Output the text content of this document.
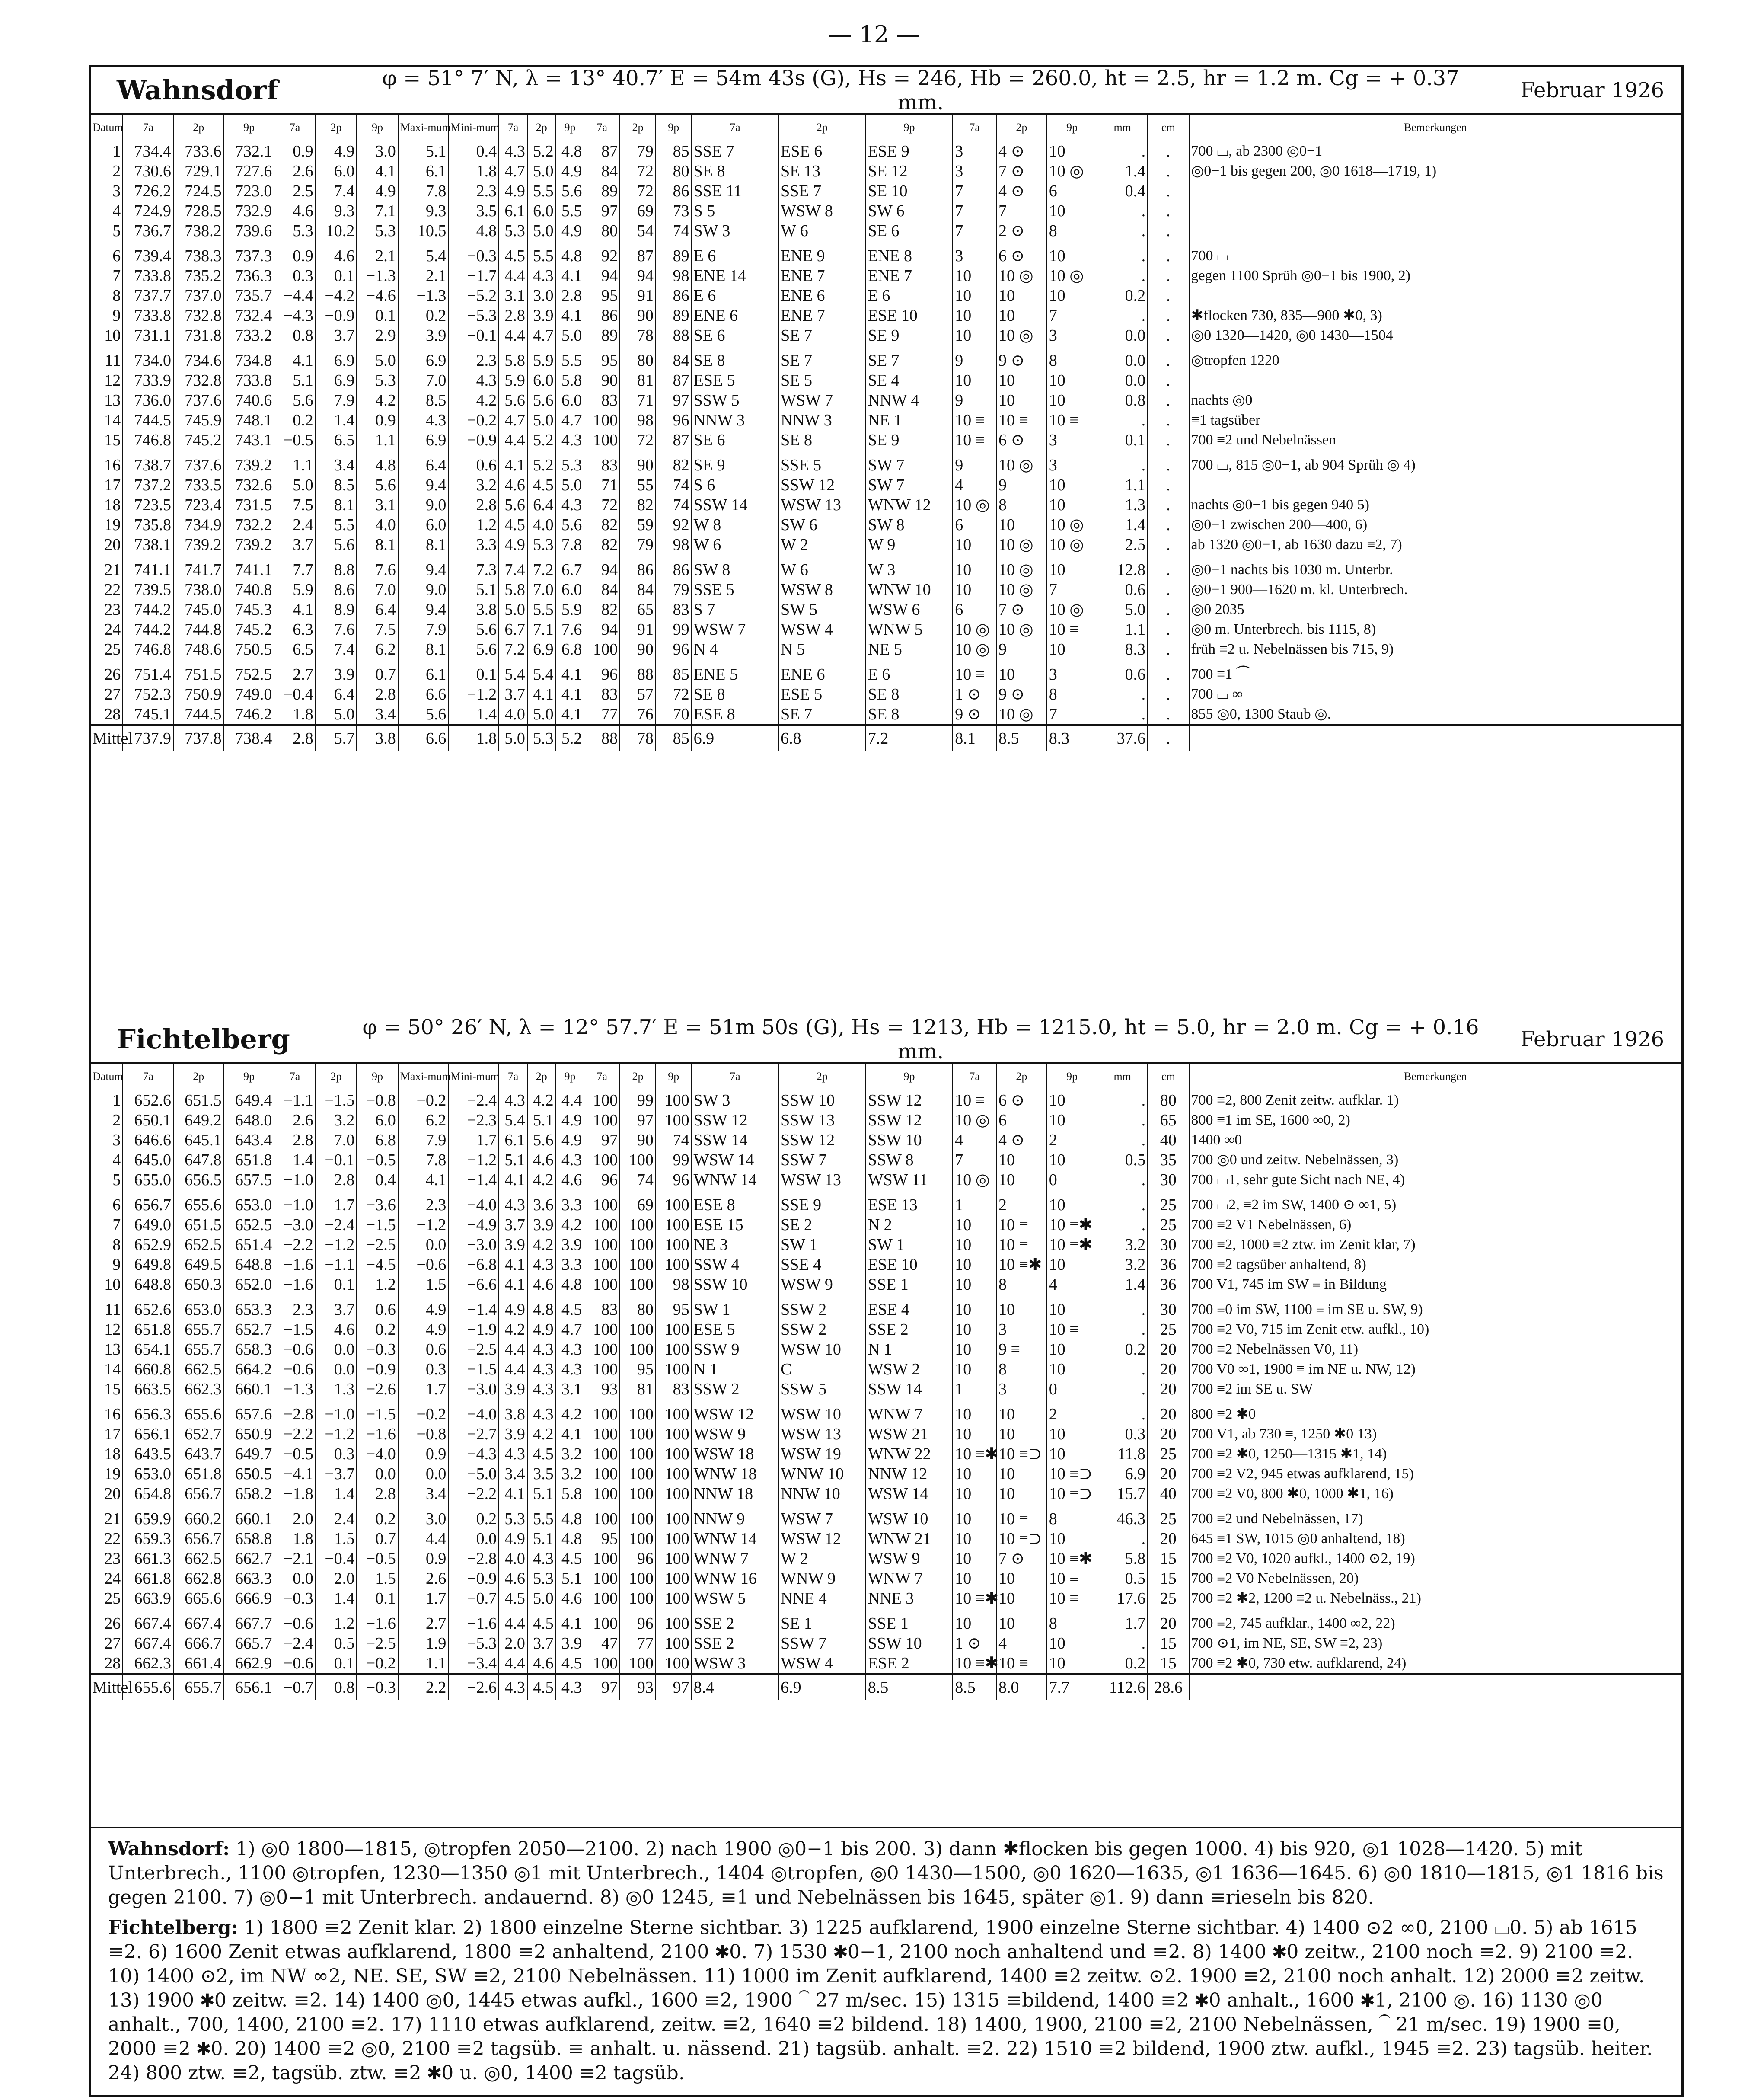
— 12 —
Wahnsdorf	φ = 51° 7′ N, λ = 13° 40.7′ E = 54m 43s (G), Hs = 246, Hb = 260.0, ht = 2.5, hr = 1.2 m. Cg = + 0.37 mm.	Februar 1926
Datum	7a	2p	9p	7a	2p	9p	Maxi-mum	Mini-mum	7a	2p	9p	7a	2p	9p	7a	2p	9p	7a	2p	9p	mm	cm	Bemerkungen
1	734.4	733.6	732.1	0.9	4.9	3.0	5.1	0.4	4.3	5.2	4.8	87	79	85	SSE 7	ESE 6	ESE 9	3	4 ⊙	10	.	.	700 ⌴, ab 2300 ◎0−1
2	730.6	729.1	727.6	2.6	6.0	4.1	6.1	1.8	4.7	5.0	4.9	84	72	80	SE 8	SE 13	SE 12	3	7 ⊙	10 ◎	1.4	.	◎0−1 bis gegen 200, ◎0 1618—1719, 1)
3	726.2	724.5	723.0	2.5	7.4	4.9	7.8	2.3	4.9	5.5	5.6	89	72	86	SSE 11	SSE 7	SE 10	7	4 ⊙	6	0.4	.	
4	724.9	728.5	732.9	4.6	9.3	7.1	9.3	3.5	6.1	6.0	5.5	97	69	73	S 5	WSW 8	SW 6	7	7	10	.	.	
5	736.7	738.2	739.6	5.3	10.2	5.3	10.5	4.8	5.3	5.0	4.9	80	54	74	SW 3	W 6	SE 6	7	2 ⊙	8	.	.	
6	739.4	738.3	737.3	0.9	4.6	2.1	5.4	−0.3	4.5	5.5	4.8	92	87	89	E 6	ENE 9	ENE 8	3	6 ⊙	10	.	.	700 ⌴
7	733.8	735.2	736.3	0.3	0.1	−1.3	2.1	−1.7	4.4	4.3	4.1	94	94	98	ENE 14	ENE 7	ENE 7	10	10 ◎	10 ◎	.	.	gegen 1100 Sprüh ◎0−1 bis 1900, 2)
8	737.7	737.0	735.7	−4.4	−4.2	−4.6	−1.3	−5.2	3.1	3.0	2.8	95	91	86	E 6	ENE 6	E 6	10	10	10	0.2	.	
9	733.8	732.8	732.4	−4.3	−0.9	0.1	0.2	−5.3	2.8	3.9	4.1	86	90	89	ENE 6	ENE 7	ESE 10	10	10	7	.	.	✱flocken 730, 835—900 ✱0, 3)
10	731.1	731.8	733.2	0.8	3.7	2.9	3.9	−0.1	4.4	4.7	5.0	89	78	88	SE 6	SE 7	SE 9	10	10 ◎	3	0.0	.	◎0 1320—1420, ◎0 1430—1504
11	734.0	734.6	734.8	4.1	6.9	5.0	6.9	2.3	5.8	5.9	5.5	95	80	84	SE 8	SE 7	SE 7	9	9 ⊙	8	0.0	.	◎tropfen 1220
12	733.9	732.8	733.8	5.1	6.9	5.3	7.0	4.3	5.9	6.0	5.8	90	81	87	ESE 5	SE 5	SE 4	10	10	10	0.0	.	
13	736.0	737.6	740.6	5.6	7.9	4.2	8.5	4.2	5.6	5.6	6.0	83	71	97	SSW 5	WSW 7	NNW 4	9	10	10	0.8	.	nachts ◎0
14	744.5	745.9	748.1	0.2	1.4	0.9	4.3	−0.2	4.7	5.0	4.7	100	98	96	NNW 3	NNW 3	NE 1	10 ≡	10 ≡	10 ≡	.	.	≡1 tagsüber
15	746.8	745.2	743.1	−0.5	6.5	1.1	6.9	−0.9	4.4	5.2	4.3	100	72	87	SE 6	SE 8	SE 9	10 ≡	6 ⊙	3	0.1	.	700 ≡2 und Nebelnässen
16	738.7	737.6	739.2	1.1	3.4	4.8	6.4	0.6	4.1	5.2	5.3	83	90	82	SE 9	SSE 5	SW 7	9	10 ◎	3	.	.	700 ⌴, 815 ◎0−1, ab 904 Sprüh ◎ 4)
17	737.2	733.5	732.6	5.0	8.5	5.6	9.4	3.2	4.6	4.5	5.0	71	55	74	S 6	SSW 12	SW 7	4	9	10	1.1	.	
18	723.5	723.4	731.5	7.5	8.1	3.1	9.0	2.8	5.6	6.4	4.3	72	82	74	SSW 14	WSW 13	WNW 12	10 ◎	8	10	1.3	.	nachts ◎0−1 bis gegen 940 5)
19	735.8	734.9	732.2	2.4	5.5	4.0	6.0	1.2	4.5	4.0	5.6	82	59	92	W 8	SW 6	SW 8	6	10	10 ◎	1.4	.	◎0−1 zwischen 200—400, 6)
20	738.1	739.2	739.2	3.7	5.6	8.1	8.1	3.3	4.9	5.3	7.8	82	79	98	W 6	W 2	W 9	10	10 ◎	10 ◎	2.5	.	ab 1320 ◎0−1, ab 1630 dazu ≡2, 7)
21	741.1	741.7	741.1	7.7	8.8	7.6	9.4	7.3	7.4	7.2	6.7	94	86	86	SW 8	W 6	W 3	10	10 ◎	10	12.8	.	◎0−1 nachts bis 1030 m. Unterbr.
22	739.5	738.0	740.8	5.9	8.6	7.0	9.0	5.1	5.8	7.0	6.0	84	84	79	SSE 5	WSW 8	WNW 10	10	10 ◎	7	0.6	.	◎0−1 900—1620 m. kl. Unterbrech.
23	744.2	745.0	745.3	4.1	8.9	6.4	9.4	3.8	5.0	5.5	5.9	82	65	83	S 7	SW 5	WSW 6	6	7 ⊙	10 ◎	5.0	.	◎0 2035
24	744.2	744.8	745.2	6.3	7.6	7.5	7.9	5.6	6.7	7.1	7.6	94	91	99	WSW 7	WSW 4	WNW 5	10 ◎	10 ◎	10 ≡	1.1	.	◎0 m. Unterbrech. bis 1115, 8)
25	746.8	748.6	750.5	6.5	7.4	6.2	8.1	5.6	7.2	6.9	6.8	100	90	96	N 4	N 5	NE 5	10 ◎	9	10	8.3	.	früh ≡2 u. Nebelnässen bis 715, 9)
26	751.4	751.5	752.5	2.7	3.9	0.7	6.1	0.1	5.4	5.4	4.1	96	88	85	ENE 5	ENE 6	E 6	10 ≡	10	3	0.6	.	700 ≡1 ⏜
27	752.3	750.9	749.0	−0.4	6.4	2.8	6.6	−1.2	3.7	4.1	4.1	83	57	72	SE 8	ESE 5	SE 8	1 ⊙	9 ⊙	8	.	.	700 ⌴ ∞
28	745.1	744.5	746.2	1.8	5.0	3.4	5.6	1.4	4.0	5.0	4.1	77	76	70	ESE 8	SE 7	SE 8	9 ⊙	10 ◎	7	.	.	855 ◎0, 1300 Staub ◎.
Mittel	737.9	737.8	738.4	2.8	5.7	3.8	6.6	1.8	5.0	5.3	5.2	88	78	85	6.9	6.8	7.2	8.1	8.5	8.3	37.6	.	
Fichtelberg	φ = 50° 26′ N, λ = 12° 57.7′ E = 51m 50s (G), Hs = 1213, Hb = 1215.0, ht = 5.0, hr = 2.0 m. Cg = + 0.16 mm.	Februar 1926
Datum	7a	2p	9p	7a	2p	9p	Maxi-mum	Mini-mum	7a	2p	9p	7a	2p	9p	7a	2p	9p	7a	2p	9p	mm	cm	Bemerkungen
1	652.6	651.5	649.4	−1.1	−1.5	−0.8	−0.2	−2.4	4.3	4.2	4.4	100	99	100	SW 3	SSW 10	SSW 12	10 ≡	6 ⊙	10	.	80	700 ≡2, 800 Zenit zeitw. aufklar. 1)
2	650.1	649.2	648.0	2.6	3.2	6.0	6.2	−2.3	5.4	5.1	4.9	100	97	100	SSW 12	SSW 13	SSW 12	10 ◎	6	10	.	65	800 ≡1 im SE, 1600 ∞0, 2)
3	646.6	645.1	643.4	2.8	7.0	6.8	7.9	1.7	6.1	5.6	4.9	97	90	74	SSW 14	SSW 12	SSW 10	4	4 ⊙	2	.	40	1400 ∞0
4	645.0	647.8	651.8	1.4	−0.1	−0.5	7.8	−1.2	5.1	4.6	4.3	100	100	99	WSW 14	SSW 7	SSW 8	7	10	10	0.5	35	700 ◎0 und zeitw. Nebelnässen, 3)
5	655.0	656.5	657.5	−1.0	2.8	0.4	4.1	−1.4	4.1	4.2	4.6	96	74	96	WNW 14	WSW 13	WSW 11	10 ◎	10	0	.	30	700 ⌴1, sehr gute Sicht nach NE, 4)
6	656.7	655.6	653.0	−1.0	1.7	−3.6	2.3	−4.0	4.3	3.6	3.3	100	69	100	ESE 8	SSE 9	ESE 13	1	2	10	.	25	700 ⌴2, ≡2 im SW, 1400 ⊙ ∞1, 5)
7	649.0	651.5	652.5	−3.0	−2.4	−1.5	−1.2	−4.9	3.7	3.9	4.2	100	100	100	ESE 15	SE 2	N 2	10	10 ≡	10 ≡✱	.	25	700 ≡2 V1 Nebelnässen, 6)
8	652.9	652.5	651.4	−2.2	−1.2	−2.5	0.0	−3.0	3.9	4.2	3.9	100	100	100	NE 3	SW 1	SW 1	10	10 ≡	10 ≡✱	3.2	30	700 ≡2, 1000 ≡2 ztw. im Zenit klar, 7)
9	649.8	649.5	648.8	−1.6	−1.1	−4.5	−0.6	−6.8	4.1	4.3	3.3	100	100	100	SSW 4	SSE 4	ESE 10	10	10 ≡✱	10	3.2	36	700 ≡2 tagsüber anhaltend, 8)
10	648.8	650.3	652.0	−1.6	0.1	1.2	1.5	−6.6	4.1	4.6	4.8	100	100	98	SSW 10	WSW 9	SSE 1	10	8	4	1.4	36	700 V1, 745 im SW ≡ in Bildung
11	652.6	653.0	653.3	2.3	3.7	0.6	4.9	−1.4	4.9	4.8	4.5	83	80	95	SW 1	SSW 2	ESE 4	10	10	10	.	30	700 ≡0 im SW, 1100 ≡ im SE u. SW, 9)
12	651.8	655.7	652.7	−1.5	4.6	0.2	4.9	−1.9	4.2	4.9	4.7	100	100	100	ESE 5	SSW 2	SSE 2	10	3	10 ≡	.	25	700 ≡2 V0, 715 im Zenit etw. aufkl., 10)
13	654.1	655.7	658.3	−0.6	0.0	−0.3	0.6	−2.5	4.4	4.3	4.3	100	100	100	SSW 9	WSW 10	N 1	10	9 ≡	10	0.2	20	700 ≡2 Nebelnässen V0, 11)
14	660.8	662.5	664.2	−0.6	0.0	−0.9	0.3	−1.5	4.4	4.3	4.3	100	95	100	N 1	C	WSW 2	10	8	10	.	20	700 V0 ∞1, 1900 ≡ im NE u. NW, 12)
15	663.5	662.3	660.1	−1.3	1.3	−2.6	1.7	−3.0	3.9	4.3	3.1	93	81	83	SSW 2	SSW 5	SSW 14	1	3	0	.	20	700 ≡2 im SE u. SW
16	656.3	655.6	657.6	−2.8	−1.0	−1.5	−0.2	−4.0	3.8	4.3	4.2	100	100	100	WSW 12	WSW 10	WNW 7	10	10	2	.	20	800 ≡2 ✱0
17	656.1	652.7	650.9	−2.2	−1.2	−1.6	−0.8	−2.7	3.9	4.2	4.1	100	100	100	WSW 9	WSW 13	WSW 21	10	10	10	0.3	20	700 V1, ab 730 ≡, 1250 ✱0 13)
18	643.5	643.7	649.7	−0.5	0.3	−4.0	0.9	−4.3	4.3	4.5	3.2	100	100	100	WSW 18	WSW 19	WNW 22	10 ≡✱	10 ≡⊃	10	11.8	25	700 ≡2 ✱0, 1250—1315 ✱1, 14)
19	653.0	651.8	650.5	−4.1	−3.7	0.0	0.0	−5.0	3.4	3.5	3.2	100	100	100	WNW 18	WNW 10	NNW 12	10	10	10 ≡⊃	6.9	20	700 ≡2 V2, 945 etwas aufklarend, 15)
20	654.8	656.7	658.2	−1.8	1.4	2.8	3.4	−2.2	4.1	5.1	5.8	100	100	100	NNW 18	NNW 10	WSW 14	10	10	10 ≡⊃	15.7	40	700 ≡2 V0, 800 ✱0, 1000 ✱1, 16)
21	659.9	660.2	660.1	2.0	2.4	0.2	3.0	0.2	5.3	5.5	4.8	100	100	100	NNW 9	WSW 7	WSW 10	10	10 ≡	8	46.3	25	700 ≡2 und Nebelnässen, 17)
22	659.3	656.7	658.8	1.8	1.5	0.7	4.4	0.0	4.9	5.1	4.8	95	100	100	WNW 14	WSW 12	WNW 21	10	10 ≡⊃	10	.	20	645 ≡1 SW, 1015 ◎0 anhaltend, 18)
23	661.3	662.5	662.7	−2.1	−0.4	−0.5	0.9	−2.8	4.0	4.3	4.5	100	96	100	WNW 7	W 2	WSW 9	10	7 ⊙	10 ≡✱	5.8	15	700 ≡2 V0, 1020 aufkl., 1400 ⊙2, 19)
24	661.8	662.8	663.3	0.0	2.0	1.5	2.6	−0.9	4.6	5.3	5.1	100	100	100	WNW 16	WNW 9	WNW 7	10	10	10 ≡	0.5	15	700 ≡2 V0 Nebelnässen, 20)
25	663.9	665.6	666.9	−0.3	1.4	0.1	1.7	−0.7	4.5	5.0	4.6	100	100	100	WSW 5	NNE 4	NNE 3	10 ≡✱	10	10 ≡	17.6	25	700 ≡2 ✱2, 1200 ≡2 u. Nebelnäss., 21)
26	667.4	667.4	667.7	−0.6	1.2	−1.6	2.7	−1.6	4.4	4.5	4.1	100	96	100	SSE 2	SE 1	SSE 1	10	10	8	1.7	20	700 ≡2, 745 aufklar., 1400 ∞2, 22)
27	667.4	666.7	665.7	−2.4	0.5	−2.5	1.9	−5.3	2.0	3.7	3.9	47	77	100	SSE 2	SSW 7	SSW 10	1 ⊙	4	10	.	15	700 ⊙1, im NE, SE, SW ≡2, 23)
28	662.3	661.4	662.9	−0.6	0.1	−0.2	1.1	−3.4	4.4	4.6	4.5	100	100	100	WSW 3	WSW 4	ESE 2	10 ≡✱	10 ≡	10	0.2	15	700 ≡2 ✱0, 730 etw. aufklarend, 24)
Mittel	655.6	655.7	656.1	−0.7	0.8	−0.3	2.2	−2.6	4.3	4.5	4.3	97	93	97	8.4	6.9	8.5	8.5	8.0	7.7	112.6	28.6	
Wahnsdorf: 1) ◎0 1800—1815, ◎tropfen 2050—2100. 2) nach 1900 ◎0−1 bis 200. 3) dann ✱flocken bis gegen 1000. 4) bis 920, ◎1 1028—1420. 5) mit Unterbrech., 1100 ◎tropfen, 1230—1350 ◎1 mit Unterbrech., 1404 ◎tropfen, ◎0 1430—1500, ◎0 1620—1635, ◎1 1636—1645. 6) ◎0 1810—1815, ◎1 1816 bis gegen 2100. 7) ◎0−1 mit Unterbrech. andauernd. 8) ◎0 1245, ≡1 und Nebelnässen bis 1645, später ◎1. 9) dann ≡rieseln bis 820.
Fichtelberg: 1) 1800 ≡2 Zenit klar. 2) 1800 einzelne Sterne sichtbar. 3) 1225 aufklarend, 1900 einzelne Sterne sichtbar. 4) 1400 ⊙2 ∞0, 2100 ⌴0. 5) ab 1615 ≡2. 6) 1600 Zenit etwas aufklarend, 1800 ≡2 anhaltend, 2100 ✱0. 7) 1530 ✱0−1, 2100 noch anhaltend und ≡2. 8) 1400 ✱0 zeitw., 2100 noch ≡2. 9) 2100 ≡2. 10) 1400 ⊙2, im NW ∞2, NE. SE, SW ≡2, 2100 Nebelnässen. 11) 1000 im Zenit aufklarend, 1400 ≡2 zeitw. ⊙2. 1900 ≡2, 2100 noch anhalt. 12) 2000 ≡2 zeitw. 13) 1900 ✱0 zeitw. ≡2. 14) 1400 ◎0, 1445 etwas aufkl., 1600 ≡2, 1900 ⏜ 27 m/sec. 15) 1315 ≡bildend, 1400 ≡2 ✱0 anhalt., 1600 ✱1, 2100 ◎. 16) 1130 ◎0 anhalt., 700, 1400, 2100 ≡2. 17) 1110 etwas aufklarend, zeitw. ≡2, 1640 ≡2 bildend. 18) 1400, 1900, 2100 ≡2, 2100 Nebelnässen, ⏜ 21 m/sec. 19) 1900 ≡0, 2000 ≡2 ✱0. 20) 1400 ≡2 ◎0, 2100 ≡2 tagsüb. ≡ anhalt. u. nässend. 21) tagsüb. anhalt. ≡2. 22) 1510 ≡2 bildend, 1900 ztw. aufkl., 1945 ≡2. 23) tagsüb. heiter. 24) 800 ztw. ≡2, tagsüb. ztw. ≡2 ✱0 u. ◎0, 1400 ≡2 tagsüb.
